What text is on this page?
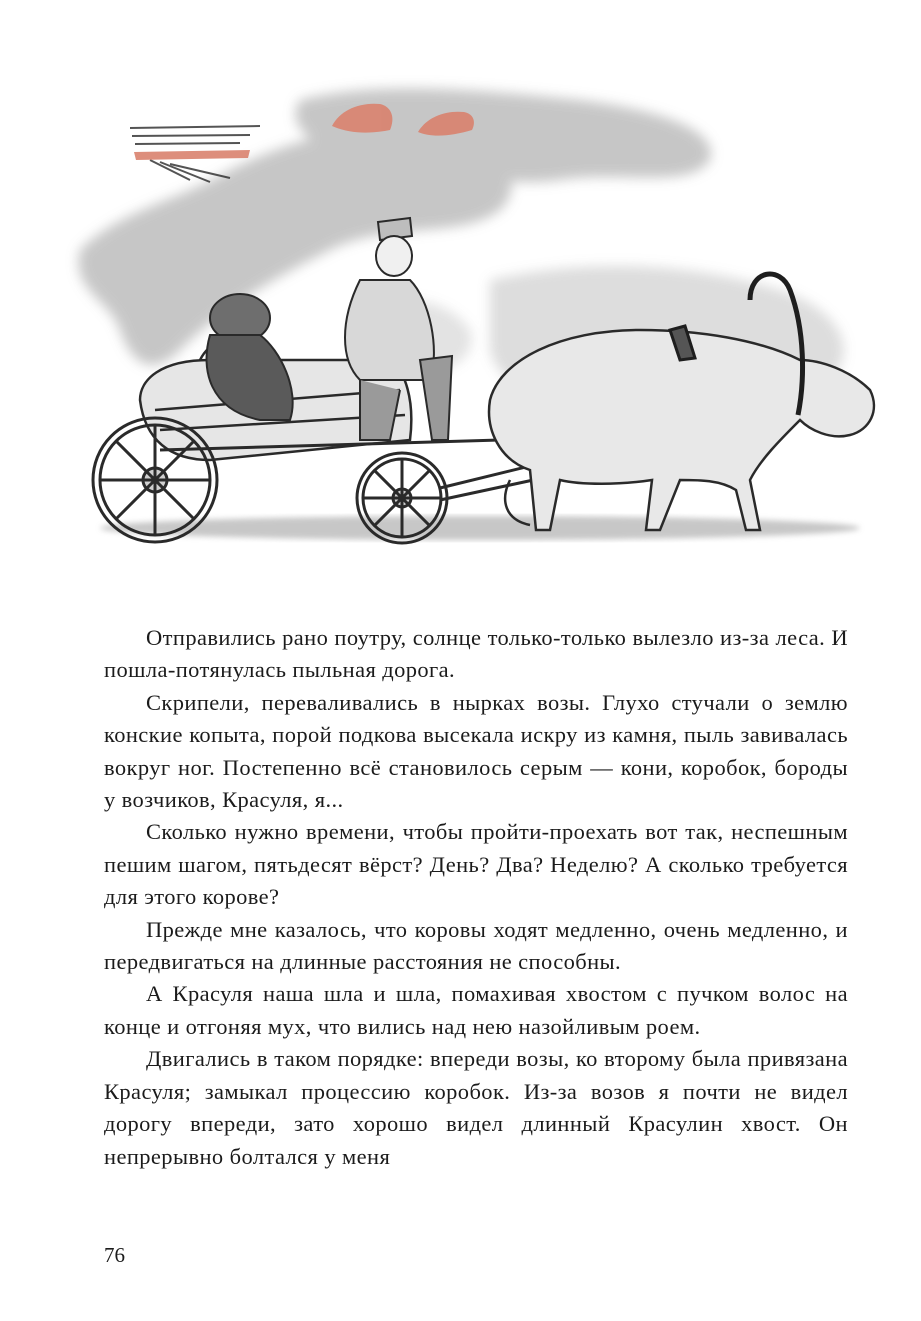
Отправились рано поутру, солнце только-только вылезло из-за леса. И пошла-потянулась пыльная дорога.

Скрипели, переваливались в нырках возы. Глухо стучали о землю конские копыта, порой подкова высекала искру из камня, пыль завивалась вокруг ног. Постепенно всё становилось серым — кони, коробок, бороды у возчиков, Красуля, я...

Сколько нужно времени, чтобы пройти-проехать вот так, неспешным пешим шагом, пятьдесят вёрст? День? Два? Неделю? А сколько требуется для этого корове?

Прежде мне казалось, что коровы ходят медленно, очень медленно, и передвигаться на длинные расстояния не способны.

А Красуля наша шла и шла, помахивая хвостом с пучком волос на конце и отгоняя мух, что вились над нею назойливым роем.

Двигались в таком порядке: впереди возы, ко второму была привязана Красуля; замыкал процессию коробок. Из-за возов я почти не видел дорогу впереди, зато хорошо видел длинный Красулин хвост. Он непрерывно болтался у меня

76
